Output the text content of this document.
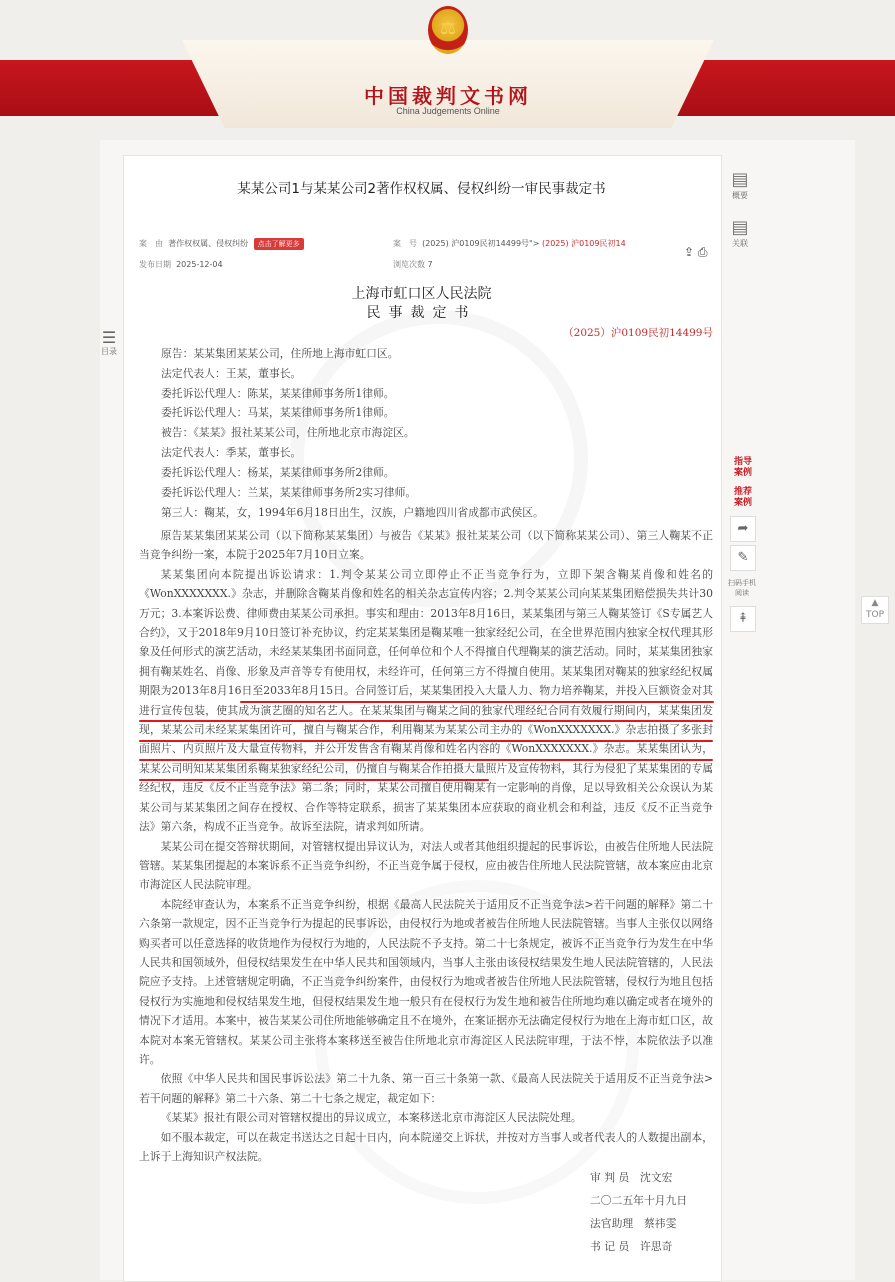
⚖
中国裁判文书网
China Judgements Online
某某公司1与某某公司2著作权权属、侵权纠纷一审民事裁定书
案　由 著作权权属、侵权纠纷 点击了解更多	案　号 (2025) 沪0109民初14499号"> (2025) 沪0109民初14
发布日期 2025-12-04	浏览次数 7
⇪ ⎙
上海市虹口区人民法院
民事裁定书
（2025）沪0109民初14499号
原告：某某集团某某公司，住所地上海市虹口区。
法定代表人：王某，董事长。
委托诉讼代理人：陈某，某某律师事务所1律师。
委托诉讼代理人：马某，某某律师事务所1律师。
被告：《某某》报社某某公司，住所地北京市海淀区。
法定代表人：季某，董事长。
委托诉讼代理人：杨某，某某律师事务所2律师。
委托诉讼代理人：兰某，某某律师事务所2实习律师。
第三人：鞠某，女，1994年6月18日出生，汉族，户籍地四川省成都市武侯区。

原告某某集团某某公司（以下简称某某集团）与被告《某某》报社某某公司（以下简称某某公司）、第三人鞠某不正当竞争纠纷一案，本院于2025年7月10日立案。

某某集团向本院提出诉讼请求：1.判令某某公司立即停止不正当竞争行为，立即下架含鞠某肖像和姓名的《WonXXXXXXX.》杂志，并删除含鞠某肖像和姓名的相关杂志宣传内容；2.判令某某公司向某某集团赔偿损失共计30万元；3.本案诉讼费、律师费由某某公司承担。事实和理由：2013年8月16日，某某集团与第三人鞠某签订《S专属艺人合约》，又于2018年9月10日签订补充协议，约定某某集团是鞠某唯一独家经纪公司，在全世界范围内独家全权代理其形象及任何形式的演艺活动，未经某某集团书面同意，任何单位和个人不得擅自代理鞠某的演艺活动。同时，某某集团独家拥有鞠某姓名、肖像、形象及声音等专有使用权，未经许可，任何第三方不得擅自使用。某某集团对鞠某的独家经纪权属期限为2013年8月16日至2033年8月15日。合同签订后，某某集团投入大量人力、物力培养鞠某，并投入巨额资金对其进行宣传包装，使其成为演艺圈的知名艺人。在某某集团与鞠某之间的独家代理经纪合同有效履行期间内，某某集团发现，某某公司未经某某集团许可，擅自与鞠某合作，利用鞠某为某某公司主办的《WonXXXXXXX.》杂志拍摄了多张封面照片、内页照片及大量宣传物料，并公开发售含有鞠某肖像和姓名内容的《WonXXXXXXX.》杂志。某某集团认为，某某公司明知某某集团系鞠某独家经纪公司，仍擅自与鞠某合作拍摄大量照片及宣传物料，其行为侵犯了某某集团的专属经纪权，违反《反不正当竞争法》第二条；同时，某某公司擅自使用鞠某有一定影响的肖像，足以导致相关公众误认为某某公司与某某集团之间存在授权、合作等特定联系，损害了某某集团本应获取的商业机会和利益，违反《反不正当竞争法》第六条，构成不正当竞争。故诉至法院，请求判如所请。

某某公司在提交答辩状期间，对管辖权提出异议认为，对法人或者其他组织提起的民事诉讼，由被告住所地人民法院管辖。某某集团提起的本案诉系不正当竞争纠纷，不正当竞争属于侵权，应由被告住所地人民法院管辖，故本案应由北京市海淀区人民法院审理。

本院经审查认为，本案系不正当竞争纠纷，根据《最高人民法院关于适用反不正当竞争法>若干问题的解释》第二十六条第一款规定，因不正当竞争行为提起的民事诉讼，由侵权行为地或者被告住所地人民法院管辖。当事人主张仅以网络购买者可以任意选择的收货地作为侵权行为地的，人民法院不予支持。第二十七条规定，被诉不正当竞争行为发生在中华人民共和国领域外，但侵权结果发生在中华人民共和国领域内，当事人主张由该侵权结果发生地人民法院管辖的，人民法院应予支持。上述管辖规定明确，不正当竞争纠纷案件，由侵权行为地或者被告住所地人民法院管辖，侵权行为地且包括侵权行为实施地和侵权结果发生地，但侵权结果发生地一般只有在侵权行为发生地和被告住所地均难以确定或者在境外的情况下才适用。本案中，被告某某公司住所地能够确定且不在境外，在案证据亦无法确定侵权行为地在上海市虹口区，故本院对本案无管辖权。某某公司主张将本案移送至被告住所地北京市海淀区人民法院审理，于法不悖，本院依法予以准许。

依照《中华人民共和国民事诉讼法》第二十九条、第一百三十条第一款、《最高人民法院关于适用反不正当竞争法>若干问题的解释》第二十六条、第二十七条之规定，裁定如下：

《某某》报社有限公司对管辖权提出的异议成立，本案移送北京市海淀区人民法院处理。

如不服本裁定，可以在裁定书送达之日起十日内，向本院递交上诉状，并按对方当事人或者代表人的人数提出副本，上诉于上海知识产权法院。

审 判 员　沈文宏
二〇二五年十月九日
法官助理　蔡祎雯
书 记 员　许思奇
☰
目录
▤
概要
▤
关联
指导案例
推荐案例
➦
✎
扫码手机阅读
⇞
▲
TOP
